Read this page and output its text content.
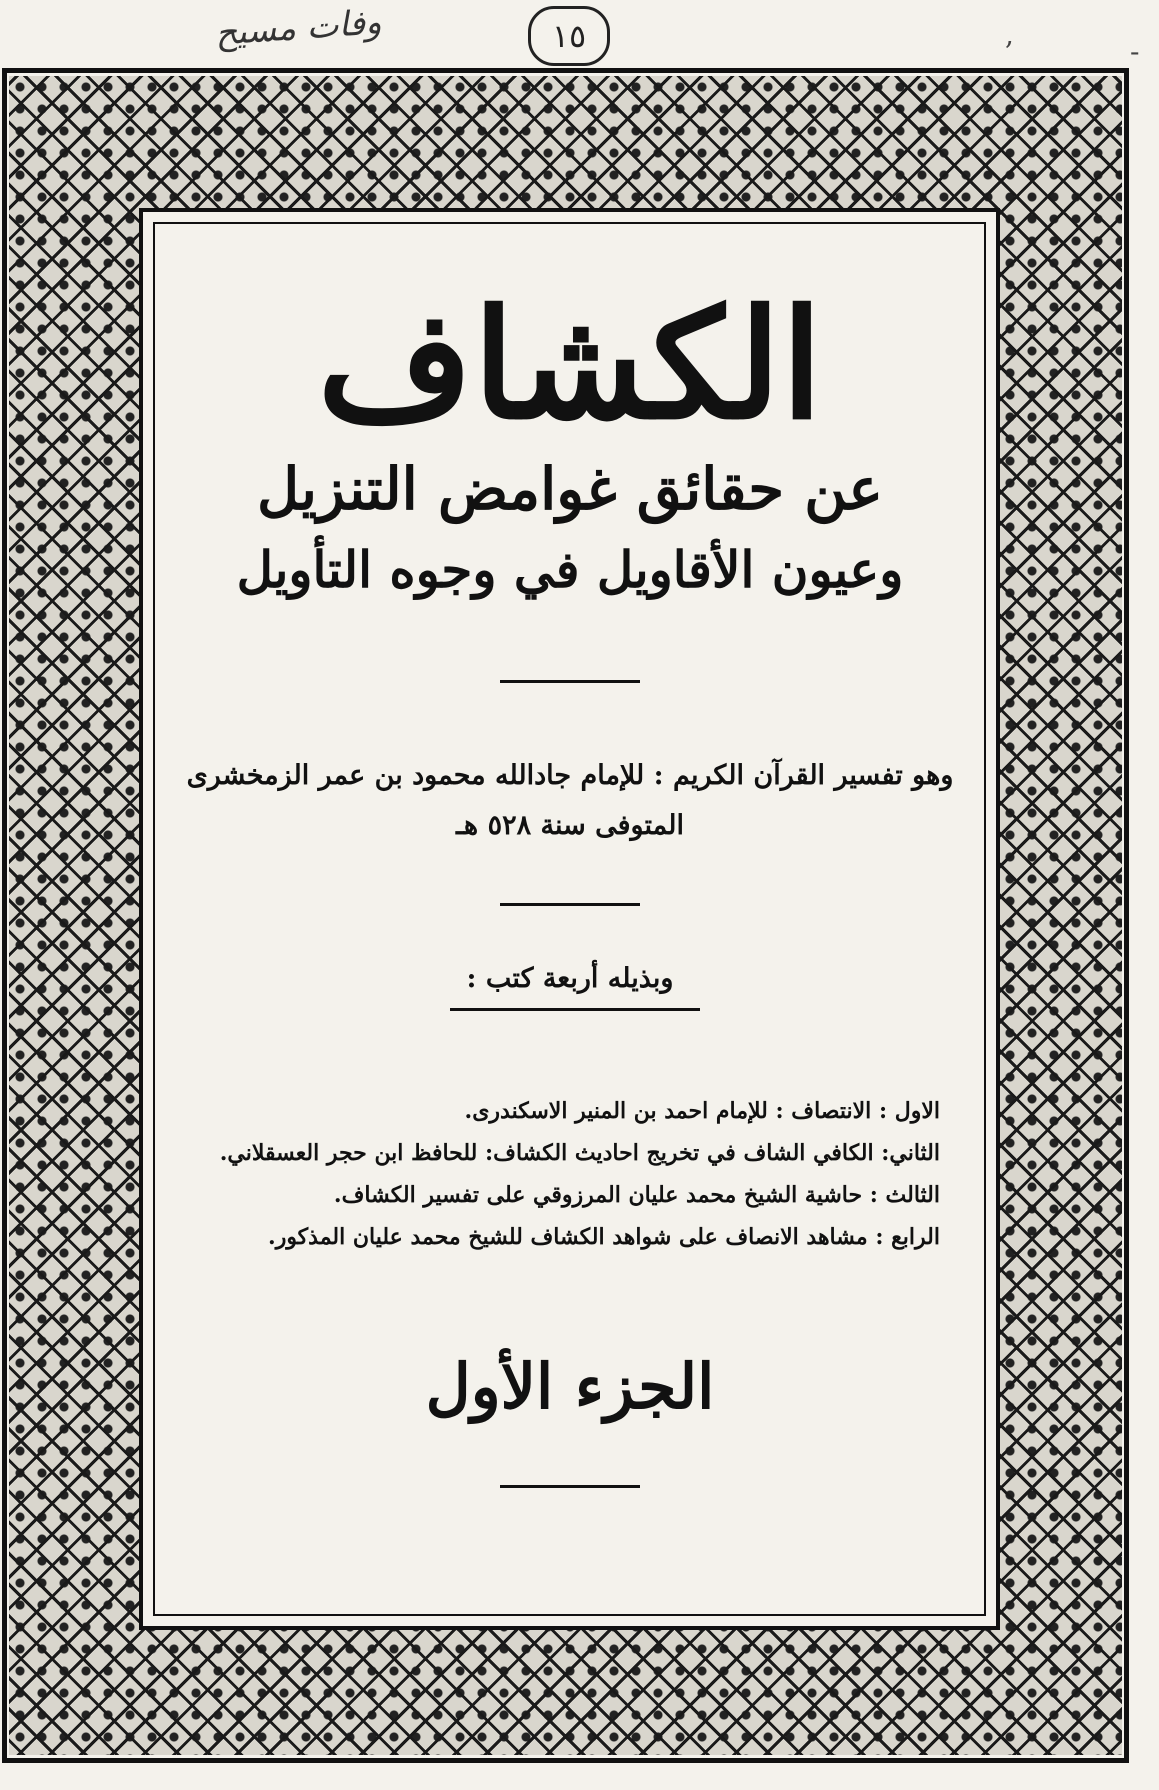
وفات مسيح	١٥	,
-
الكشاف
عن حقائق غوامض التنزيل
وعيون الأقاويل في وجوه التأويل
وهو تفسير القرآن الكريم : للإمام جادالله محمود بن عمر الزمخشرى
المتوفى سنة ٥٢٨ هـ
وبذيله أربعة كتب :
الاول : الانتصاف : للإمام احمد بن المنير الاسكندرى.
الثاني: الكافي الشاف في تخريج احاديث الكشاف: للحافظ ابن حجر العسقلاني.
الثالث : حاشية الشيخ محمد عليان المرزوقي على تفسير الكشاف.
الرابع : مشاهد الانصاف على شواهد الكشاف للشيخ محمد عليان المذكور.
الجزء الأول
